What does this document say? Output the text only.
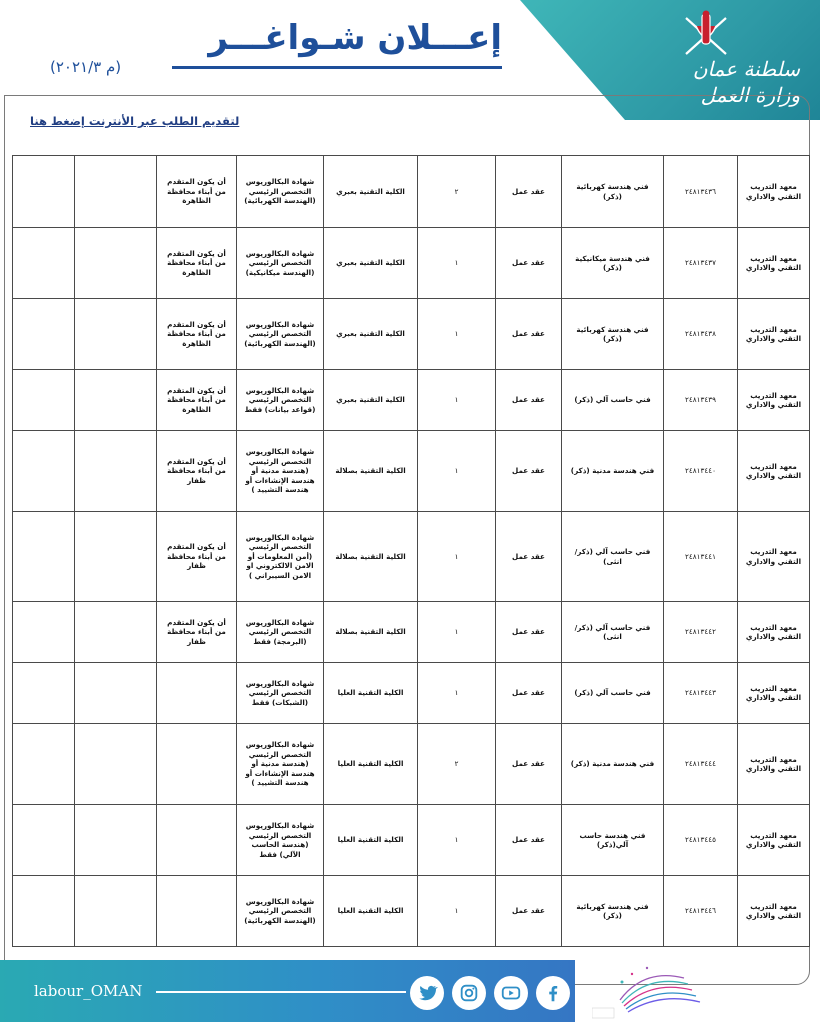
سلطنة عمان
وزارة العمل
إعـــلان شـواغـــر
(م ٢٠٢١/٣)
لتقديم الطلب عبر الأنترنت إضغط هنا
معهد التدريب التقني والاداري	٢٤٨١٣٤٣٦	فني هندسة كهربائية (ذكر)	عقد عمل	٢	الكلية التقنية بعبري	شهادة البكالوريوس التخصص الرئيسي (الهندسة الكهربائية)	أن يكون المتقدم من أبناء محافظة الظاهرة		
معهد التدريب التقني والاداري	٢٤٨١٣٤٣٧	فني هندسة ميكانيكية (ذكر)	عقد عمل	١	الكلية التقنية بعبري	شهادة البكالوريوس التخصص الرئيسي (الهندسة ميكانيكية)	أن يكون المتقدم من أبناء محافظة الظاهرة		
معهد التدريب التقني والاداري	٢٤٨١٣٤٣٨	فني هندسة كهربائية (ذكر)	عقد عمل	١	الكلية التقنية بعبري	شهادة البكالوريوس التخصص الرئيسي (الهندسة الكهربائية)	أن يكون المتقدم من أبناء محافظة الظاهرة		
معهد التدريب التقني والاداري	٢٤٨١٣٤٣٩	فني حاسب آلي (ذكر)	عقد عمل	١	الكلية التقنية بعبري	شهادة البكالوريوس التخصص الرئيسي (قواعد بيانات) فقط	أن يكون المتقدم من أبناء محافظة الظاهرة		
معهد التدريب التقني والاداري	٢٤٨١٣٤٤٠	فني هندسة مدنية (ذكر)	عقد عمل	١	الكلية التقنية بصلالة	شهادة البكالوريوس التخصص الرئيسي (هندسة مدنية أو هندسة الإنشاءات أو هندسة التشييد )	أن يكون المتقدم من أبناء محافظة ظفار		
معهد التدريب التقني والاداري	٢٤٨١٣٤٤١	فني حاسب آلي (ذكر/ انثى)	عقد عمل	١	الكلية التقنية بصلالة	شهادة البكالوريوس التخصص الرئيسي (أمن المعلومات أو الامن الالكتروني او الامن السيبراني )	أن يكون المتقدم من أبناء محافظة ظفار		
معهد التدريب التقني والاداري	٢٤٨١٣٤٤٢	فني حاسب آلي (ذكر/ انثى)	عقد عمل	١	الكلية التقنية بصلالة	شهادة البكالوريوس التخصص الرئيسي (البرمجة) فقط	أن يكون المتقدم من أبناء محافظة ظفار		
معهد التدريب التقني والاداري	٢٤٨١٣٤٤٣	فني حاسب آلي (ذكر)	عقد عمل	١	الكلية التقنية العليا	شهادة البكالوريوس التخصص الرئيسي (الشبكات) فقط			
معهد التدريب التقني والاداري	٢٤٨١٣٤٤٤	فني هندسة مدنية (ذكر)	عقد عمل	٢	الكلية التقنية العليا	شهادة البكالوريوس التخصص الرئيسي (هندسة مدنية أو هندسة الإنشاءات أو هندسة التشييد )			
معهد التدريب التقني والاداري	٢٤٨١٣٤٤٥	فني هندسة حاسب آلي(ذكر)	عقد عمل	١	الكلية التقنية العليا	شهادة البكالوريوس التخصص الرئيسي (هندسة الحاسب الآلي) فقط			
معهد التدريب التقني والاداري	٢٤٨١٣٤٤٦	فني هندسة كهربائية (ذكر)	عقد عمل	١	الكلية التقنية العليا	شهادة البكالوريوس التخصص الرئيسي (الهندسة الكهربائية)			
labour_OMAN
